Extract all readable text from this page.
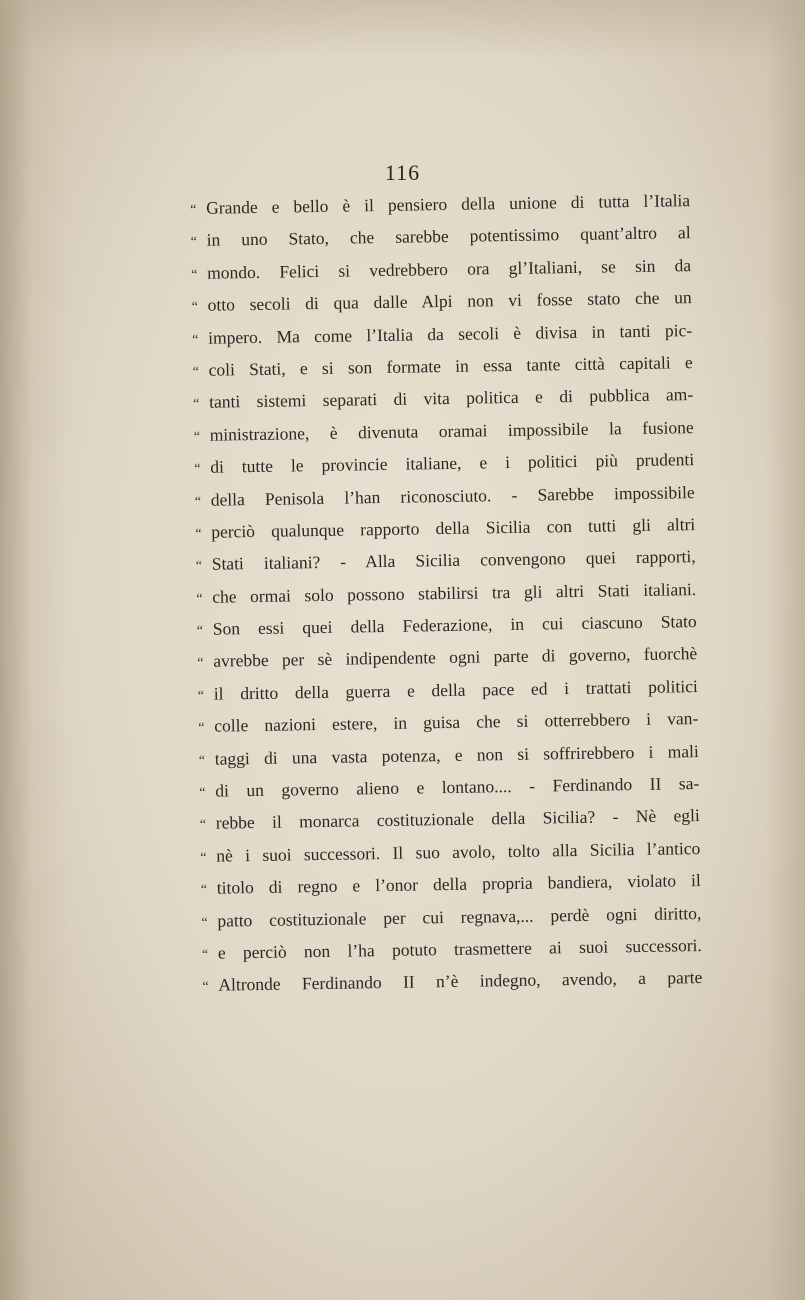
116
“ Grande e bello è il pensiero della unione di tutta l’Italia
“ in uno Stato, che sarebbe potentissimo quant’altro al
“ mondo. Felici si vedrebbero ora gl’Italiani, se sin da
“ otto secoli di qua dalle Alpi non vi fosse stato che un
“ impero. Ma come l’Italia da secoli è divisa in tanti pic-
“ coli Stati, e si son formate in essa tante città capitali e
“ tanti sistemi separati di vita politica e di pubblica am-
“ ministrazione, è divenuta oramai impossibile la fusione
“ di tutte le provincie italiane, e i politici più prudenti
“ della Penisola l’han riconosciuto. - Sarebbe impossibile
“ perciò qualunque rapporto della Sicilia con tutti gli altri
“ Stati italiani? - Alla Sicilia convengono quei rapporti,
“ che ormai solo possono stabilirsi tra gli altri Stati italiani.
“ Son essi quei della Federazione, in cui ciascuno Stato
“ avrebbe per sè indipendente ogni parte di governo, fuorchè
“ il dritto della guerra e della pace ed i trattati politici
“ colle nazioni estere, in guisa che si otterrebbero i van-
“ taggi di una vasta potenza, e non si soffrirebbero i mali
“ di un governo alieno e lontano.... - Ferdinando II sa-
“ rebbe il monarca costituzionale della Sicilia? - Nè egli
“ nè i suoi successori. Il suo avolo, tolto alla Sicilia l’antico
“ titolo di regno e l’onor della propria bandiera, violato il
“ patto costituzionale per cui regnava,... perdè ogni diritto,
“ e perciò non l’ha potuto trasmettere ai suoi successori.
“ Altronde Ferdinando II n’è indegno, avendo, a parte
